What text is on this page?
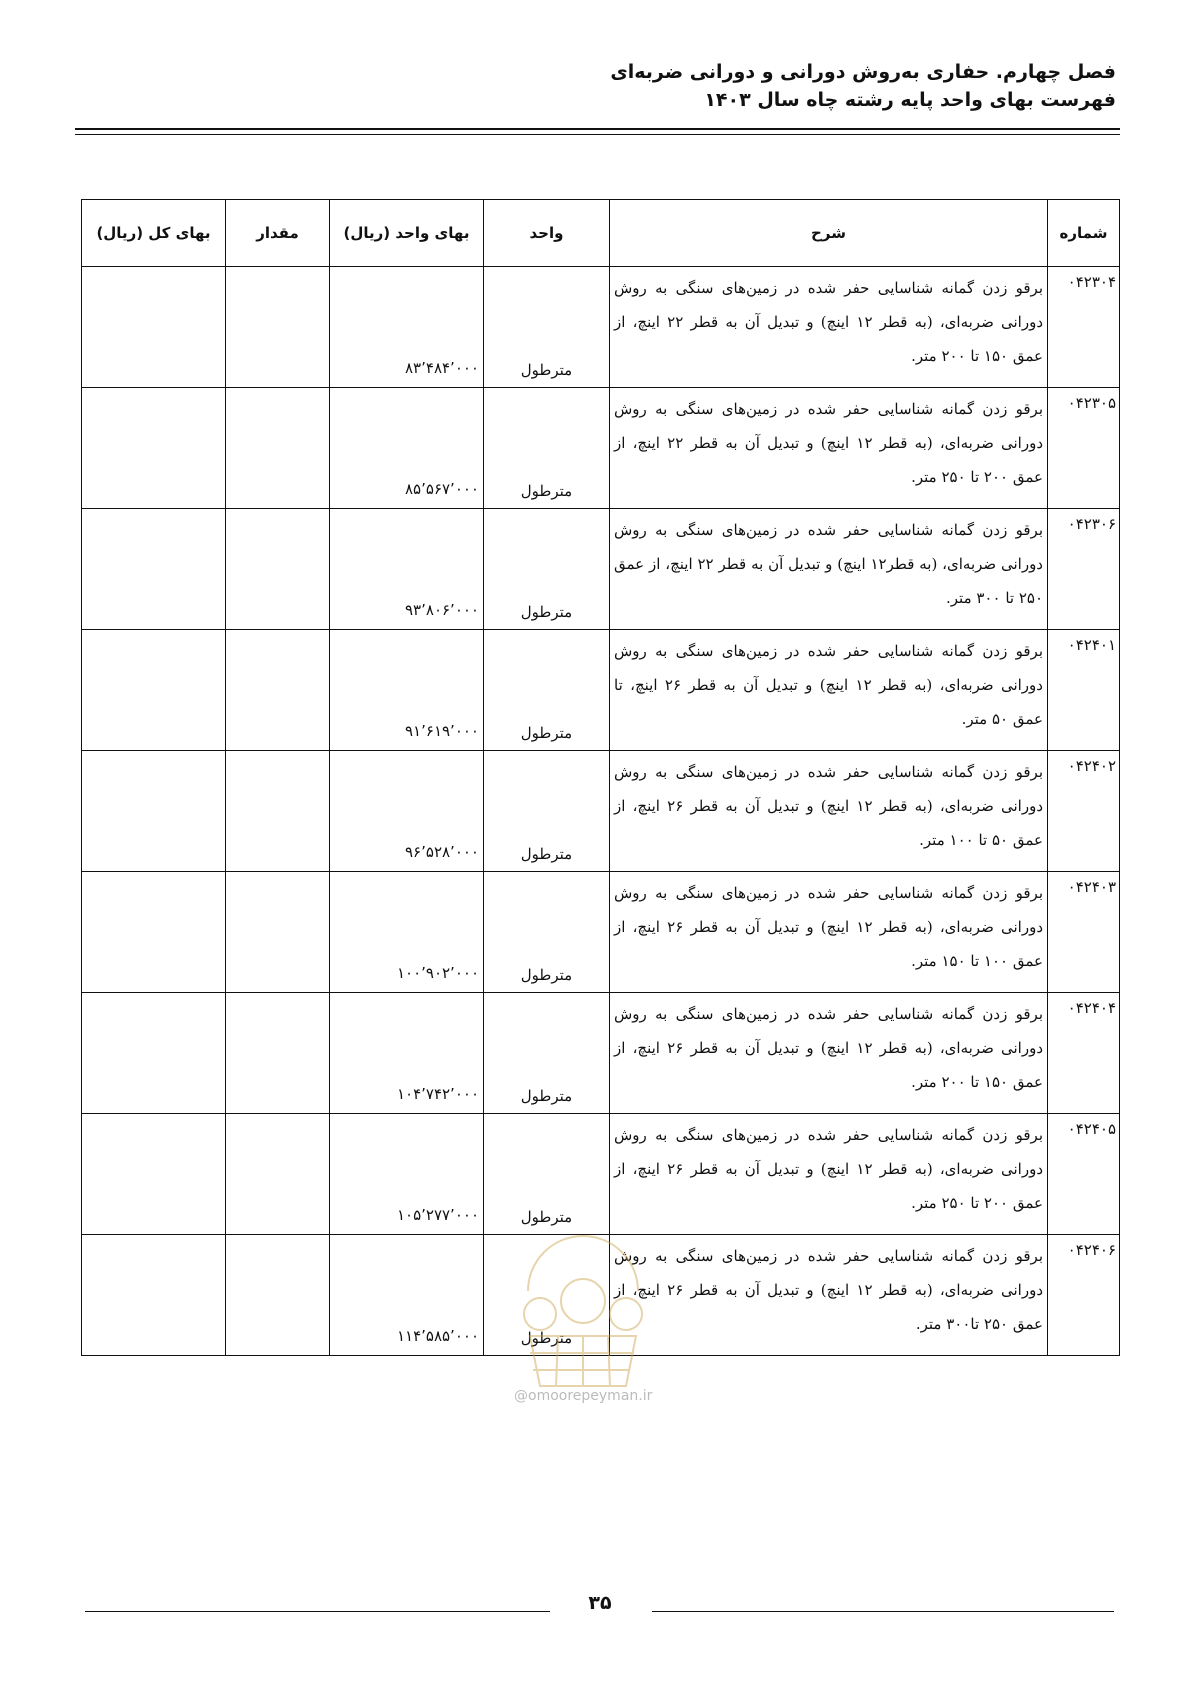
فصل چهارم. حفاری به‌روش دورانی و دورانی ضربه‌ای
فهرست بهای واحد پایه رشته چاه سال ۱۴۰۳
شماره	شرح	واحد	بهای واحد (ریال)	مقدار	بهای کل (ریال)
۰۴۲۳۰۴	برقو زدن گمانه شناسایی حفر شده در زمین‌های سنگی به روش دورانی ضربه‌ای، (به قطر ۱۲ اینچ) و تبدیل آن به قطر ۲۲ اینچ، از عمق ۱۵۰ تا ۲۰۰ متر.	مترطول	۸۳٬۴۸۴٬۰۰۰		

۰۴۲۳۰۵	برقو زدن گمانه شناسایی حفر شده در زمین‌های سنگی به روش دورانی ضربه‌ای، (به قطر ۱۲ اینچ) و تبدیل آن به قطر ۲۲ اینچ، از عمق ۲۰۰ تا ۲۵۰ متر.	مترطول	۸۵٬۵۶۷٬۰۰۰		

۰۴۲۳۰۶	برقو زدن گمانه شناسایی حفر شده در زمین‌های سنگی به روش دورانی ضربه‌ای، (به قطر۱۲ اینچ) و تبدیل آن به قطر ۲۲ اینچ، از عمق ۲۵۰ تا ۳۰۰ متر.	مترطول	۹۳٬۸۰۶٬۰۰۰		

۰۴۲۴۰۱	برقو زدن گمانه شناسایی حفر شده در زمین‌های سنگی به روش دورانی ضربه‌ای، (به قطر ۱۲ اینچ) و تبدیل آن به قطر ۲۶ اینچ، تا عمق ۵۰ متر.	مترطول	۹۱٬۶۱۹٬۰۰۰		

۰۴۲۴۰۲	برقو زدن گمانه شناسایی حفر شده در زمین‌های سنگی به روش دورانی ضربه‌ای، (به قطر ۱۲ اینچ) و تبدیل آن به قطر ۲۶ اینچ، از عمق ۵۰ تا ۱۰۰ متر.	مترطول	۹۶٬۵۲۸٬۰۰۰		

۰۴۲۴۰۳	برقو زدن گمانه شناسایی حفر شده در زمین‌های سنگی به روش دورانی ضربه‌ای، (به قطر ۱۲ اینچ) و تبدیل آن به قطر ۲۶ اینچ، از عمق ۱۰۰ تا ۱۵۰ متر.	مترطول	۱۰۰٬۹۰۲٬۰۰۰		

۰۴۲۴۰۴	برقو زدن گمانه شناسایی حفر شده در زمین‌های سنگی به روش دورانی ضربه‌ای، (به قطر ۱۲ اینچ) و تبدیل آن به قطر ۲۶ اینچ، از عمق ۱۵۰ تا ۲۰۰ متر.	مترطول	۱۰۴٬۷۴۲٬۰۰۰		

۰۴۲۴۰۵	برقو زدن گمانه شناسایی حفر شده در زمین‌های سنگی به روش دورانی ضربه‌ای، (به قطر ۱۲ اینچ) و تبدیل آن به قطر ۲۶ اینچ، از عمق ۲۰۰ تا ۲۵۰ متر.	مترطول	۱۰۵٬۲۷۷٬۰۰۰		

۰۴۲۴۰۶	برقو زدن گمانه شناسایی حفر شده در زمین‌های سنگی به روش دورانی ضربه‌ای، (به قطر ۱۲ اینچ) و تبدیل آن به قطر ۲۶ اینچ، از عمق ۲۵۰ تا۳۰۰ متر.	مترطول	۱۱۴٬۵۸۵٬۰۰۰		

@omoorepeyman.ir
۳۵
